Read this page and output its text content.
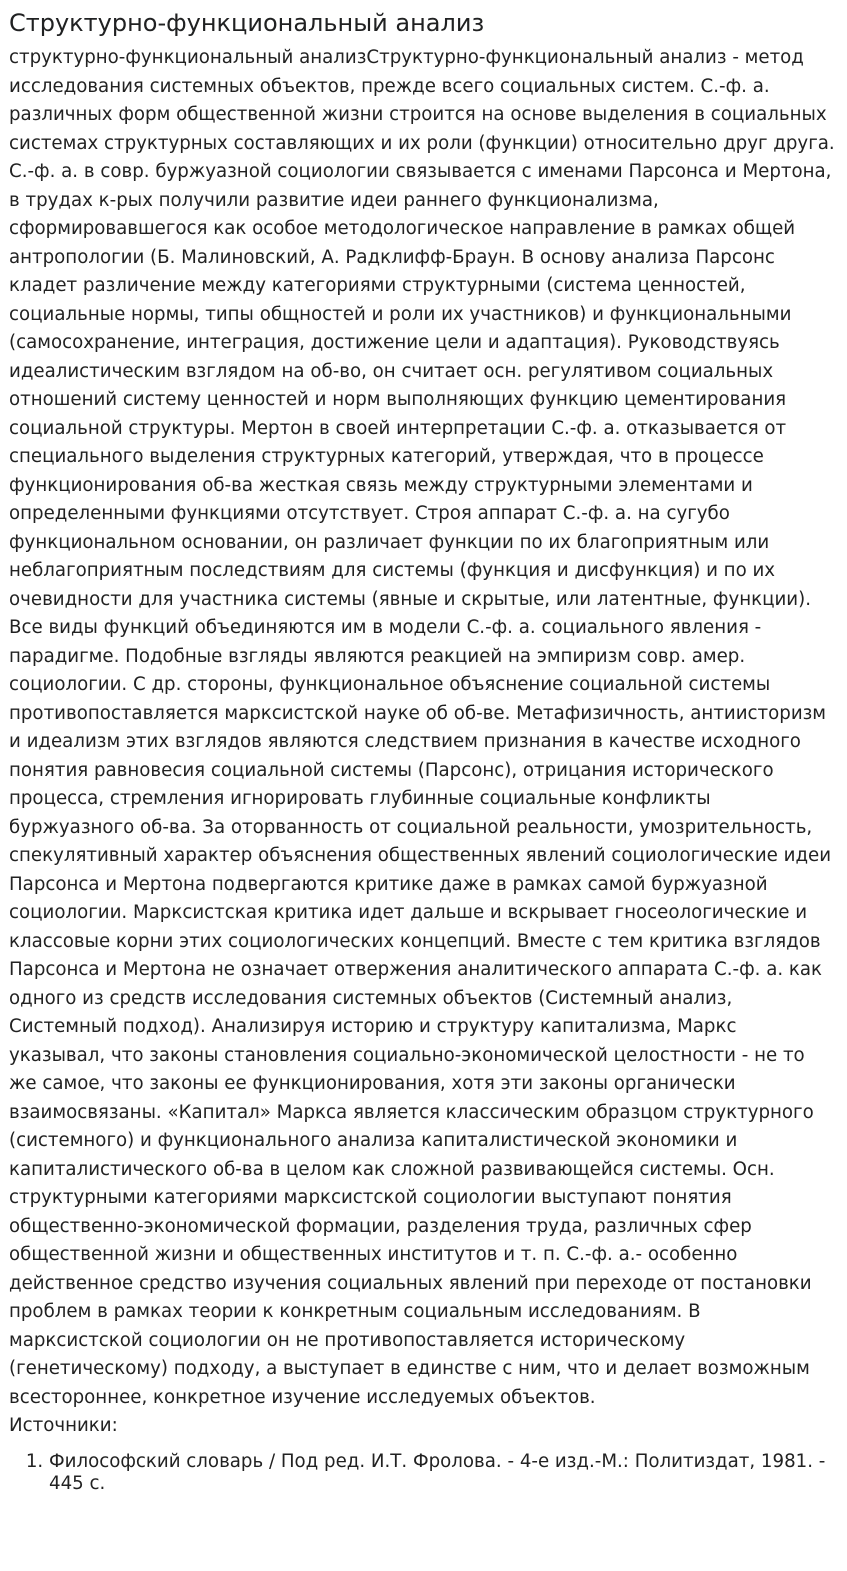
Структурно-функциональный анализ

структурно-функциональный анализСтруктурно-функциональный анализ - метод исследования системных объектов, прежде всего социальных систем. С.-ф. а. различных форм общественной жизни строится на основе выделения в социальных системах структурных составляющих и их роли (функции) относительно друг друга. С.-ф. а. в совр. буржуазной социологии связывается с именами Парсонса и Мертона, в трудах к-рых получили развитие идеи раннего функционализма, сформировавшегося как особое методологическое направление в рамках общей антропологии (Б. Малиновский, А. Радклифф-Браун. В основу анализа Парсонс кладет различение между категориями структурными (система ценностей, социальные нормы, типы общностей и роли их участников) и функциональными (самосохранение, интеграция, достижение цели и адаптация). Руководствуясь идеалистическим взглядом на об-во, он считает осн. регулятивом социальных отношений систему ценностей и норм выполняющих функцию цементирования социальной структуры. Мертон в своей интерпретации С.-ф. а. отказывается от специального выделения структурных категорий, утверждая, что в процессе функционирования об-ва жесткая связь между структурными элементами и определенными функциями отсутствует. Строя аппарат С.-ф. а. на сугубо функциональном основании, он различает функции по их благоприятным или неблагоприятным последствиям для системы (функция и дисфункция) и по их очевидности для участника системы (явные и скрытые, или латентные, функции). Все виды функций объединяются им в модели С.-ф. а. социального явления - парадигме. Подобные взгляды являются реакцией на эмпиризм совр. амер. социологии. С др. стороны, функциональное объяснение социальной системы противопоставляется марксистской науке об об-ве. Метафизичность, антиисторизм и идеализм этих взглядов являются следствием признания в качестве исходного понятия равновесия социальной системы (Парсонс), отрицания исторического процесса, стремления игнорировать глубинные социальные конфликты буржуазного об-ва. За оторванность от социальной реальности, умозрительность, спекулятивный характер объяснения общественных явлений социологические идеи Парсонса и Мертона подвергаются критике даже в рамках самой буржуазной социологии. Марксистская критика идет дальше и вскрывает гносеологические и классовые корни этих социологических концепций. Вместе с тем критика взглядов Парсонса и Мертона не означает отвержения аналитического аппарата С.-ф. а. как одного из средств исследования системных объектов (Системный анализ, Системный подход). Анализируя историю и структуру капитализма, Маркс указывал, что законы становления социально-экономической целостности - не то же самое, что законы ее функционирования, хотя эти законы органически взаимосвязаны. «Капитал» Маркса является классическим образцом структурного (системного) и функционального анализа капиталистической экономики и капиталистического об-ва в целом как сложной развивающейся системы. Осн. структурными категориями марксистской социологии выступают понятия общественно-экономической формации, разделения труда, различных сфер общественной жизни и общественных институтов и т. п. С.-ф. а.- особенно действенное средство изучения социальных явлений при переходе от постановки проблем в рамках теории к конкретным социальным исследованиям. В марксистской социологии он не противопоставляется историческому (генетическому) подходу, а выступает в единстве с ним, что и делает возможным всестороннее, конкретное изучение исследуемых объектов.

Источники:
1. Философский словарь / Под ред. И.Т. Фролова. - 4-е изд.-М.: Политиздат, 1981. - 445 с.
